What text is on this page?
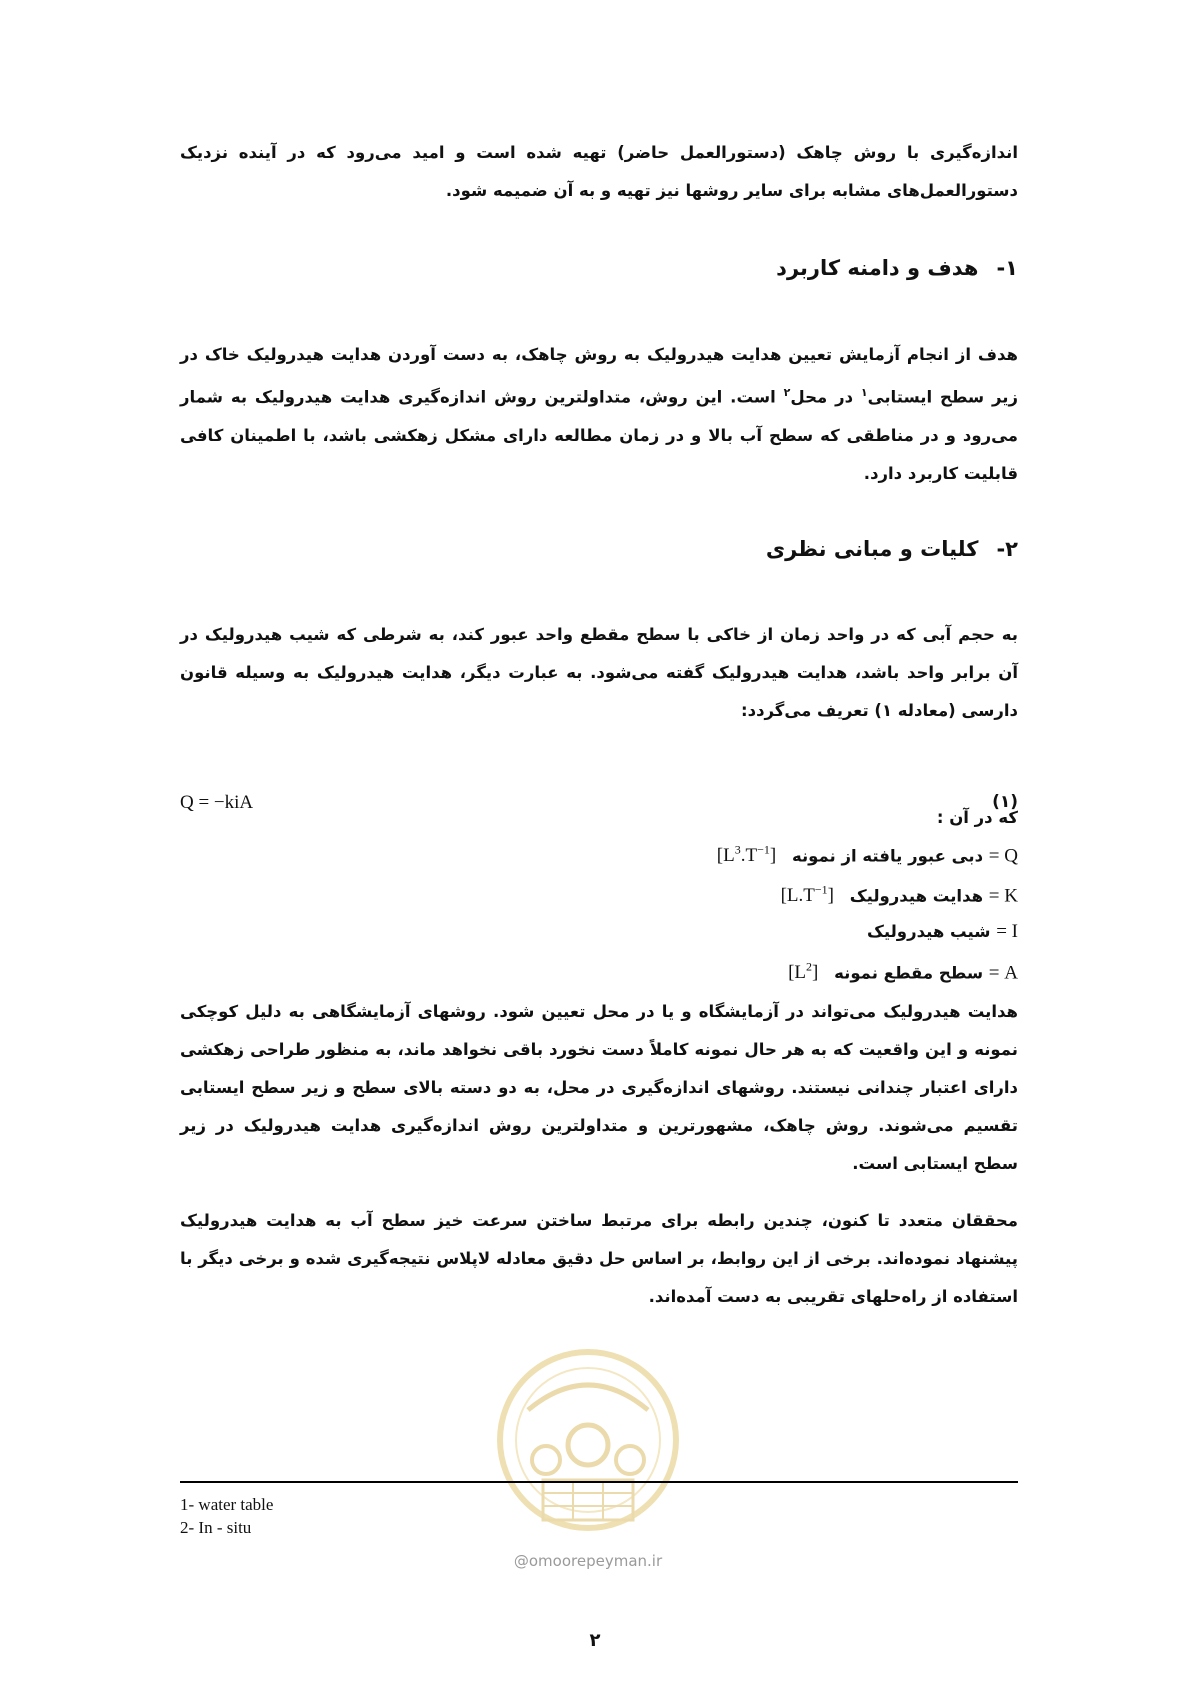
اندازه‌گیری با روش چاهک (دستورالعمل حاضر) تهیه شده است و امید می‌رود که در آینده نزدیک دستورالعمل‌های مشابه برای سایر روشها نیز تهیه و به آن ضمیمه شود.
۱-هدف و دامنه کاربرد
هدف از انجام آزمایش تعیین هدایت هیدرولیک به روش چاهک، به دست آوردن هدایت هیدرولیک خاک در زیر سطح ایستابی$^۱$ در محل$^۲$ است. این روش، متداولترین روش اندازه‌گیری هدایت هیدرولیک به شمار می‌رود و در مناطقی که سطح آب بالا و در زمان مطالعه دارای مشکل زهکشی باشد، با اطمینان کافی قابلیت کاربرد دارد.
۲-کلیات و مبانی نظری
به حجم آبی که در واحد زمان از خاکی با سطح مقطع واحد عبور کند، به شرطی که شیب هیدرولیک در آن برابر واحد باشد، هدایت هیدرولیک گفته می‌شود. به عبارت دیگر، هدایت هیدرولیک به وسیله قانون دارسی (معادله ۱) تعریف می‌گردد:
Q = −kiA	(۱)
که در آن :
Q = دبی عبور یافته از نمونه $[L^3.T^{-1}]$
K = هدایت هیدرولیک $[L.T^{-1}]$
I = شیب هیدرولیک
A = سطح مقطع نمونه $[L^2]$
هدایت هیدرولیک می‌تواند در آزمایشگاه و یا در محل تعیین شود. روشهای آزمایشگاهی به دلیل کوچکی نمونه و این واقعیت که به هر حال نمونه کاملاً دست نخورد باقی نخواهد ماند، به منظور طراحی زهکشی دارای اعتبار چندانی نیستند. روشهای اندازه‌گیری در محل، به دو دسته بالای سطح و زیر سطح ایستابی تقسیم می‌شوند. روش چاهک، مشهورترین و متداولترین روش اندازه‌گیری هدایت هیدرولیک در زیر سطح ایستابی است.
محققان متعدد تا کنون، چندین رابطه برای مرتبط ساختن سرعت خیز سطح آب به هدایت هیدرولیک پیشنهاد نموده‌اند. برخی از این روابط، بر اساس حل دقیق معادله لاپلاس نتیجه‌گیری شده و برخی دیگر با استفاده از راه‌حلهای تقریبی به دست آمده‌اند.
@omoorepeyman.ir
1- water table
2- In - situ
۲
